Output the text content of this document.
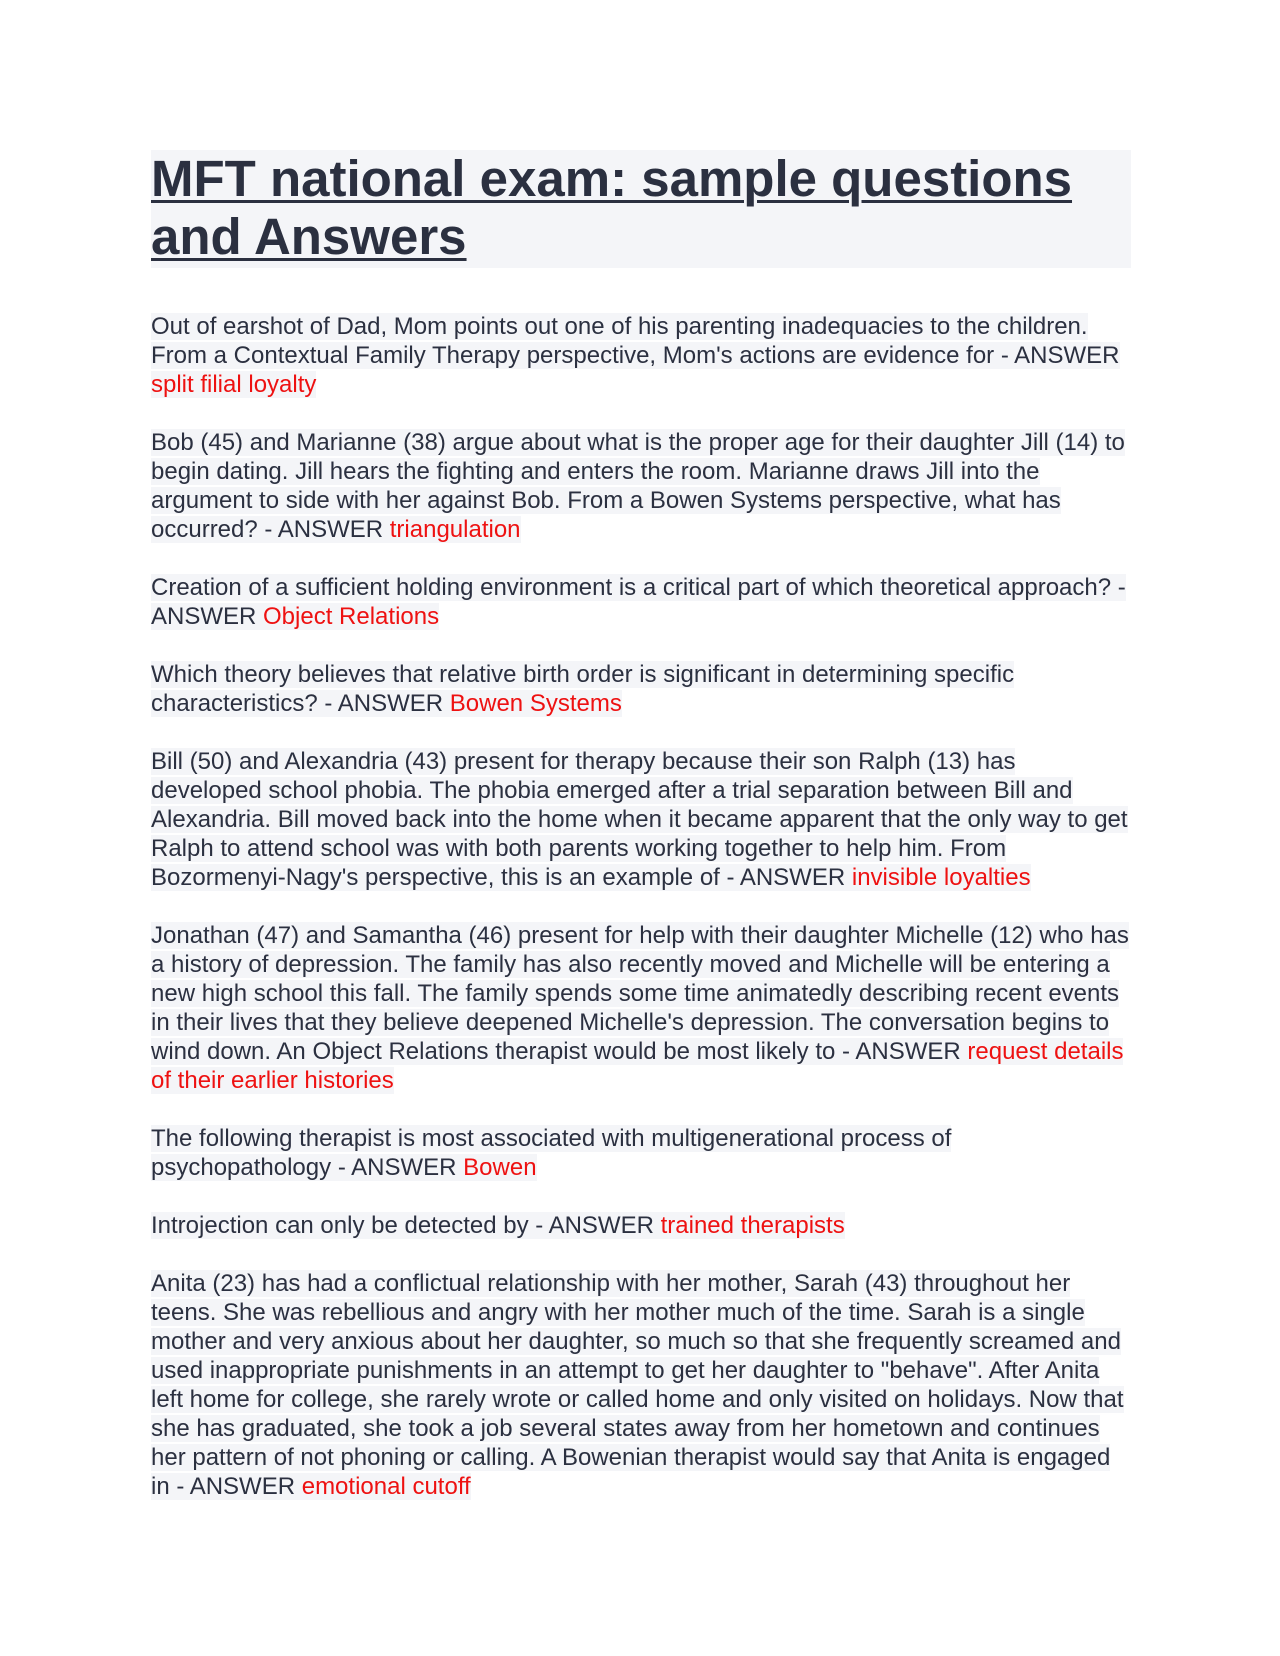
MFT national exam: sample questions and Answers

Out of earshot of Dad, Mom points out one of his parenting inadequacies to the children. From a Contextual Family Therapy perspective, Mom's actions are evidence for - ANSWER split filial loyalty

Bob (45) and Marianne (38) argue about what is the proper age for their daughter Jill (14) to begin dating. Jill hears the fighting and enters the room. Marianne draws Jill into the argument to side with her against Bob. From a Bowen Systems perspective, what has occurred? - ANSWER triangulation

Creation of a sufficient holding environment is a critical part of which theoretical approach? - ANSWER Object Relations

Which theory believes that relative birth order is significant in determining specific characteristics? - ANSWER Bowen Systems

Bill (50) and Alexandria (43) present for therapy because their son Ralph (13) has developed school phobia. The phobia emerged after a trial separation between Bill and Alexandria. Bill moved back into the home when it became apparent that the only way to get Ralph to attend school was with both parents working together to help him. From Bozormenyi-Nagy's perspective, this is an example of - ANSWER invisible loyalties

Jonathan (47) and Samantha (46) present for help with their daughter Michelle (12) who has a history of depression. The family has also recently moved and Michelle will be entering a new high school this fall. The family spends some time animatedly describing recent events in their lives that they believe deepened Michelle's depression. The conversation begins to wind down. An Object Relations therapist would be most likely to - ANSWER request details of their earlier histories

The following therapist is most associated with multigenerational process of psychopathology - ANSWER Bowen

Introjection can only be detected by - ANSWER trained therapists

Anita (23) has had a conflictual relationship with her mother, Sarah (43) throughout her teens. She was rebellious and angry with her mother much of the time. Sarah is a single mother and very anxious about her daughter, so much so that she frequently screamed and used inappropriate punishments in an attempt to get her daughter to "behave". After Anita left home for college, she rarely wrote or called home and only visited on holidays. Now that she has graduated, she took a job several states away from her hometown and continues her pattern of not phoning or calling. A Bowenian therapist would say that Anita is engaged in - ANSWER emotional cutoff
